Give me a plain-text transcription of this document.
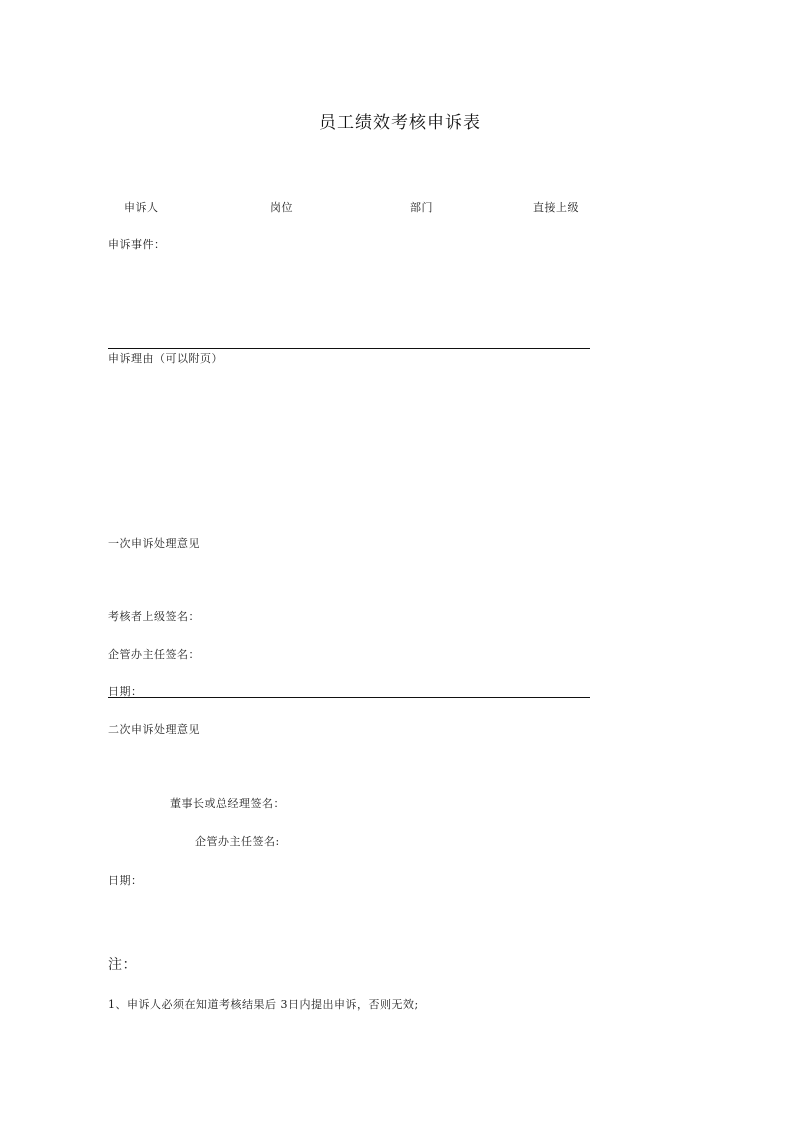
员工绩效考核申诉表
申诉人	岗位	部门	直接上级
申诉事件：
申诉理由（可以附页）
一次申诉处理意见
考核者上级签名：
企管办主任签名：
日期：
二次申诉处理意见
董事长或总经理签名：
企管办主任签名:
日期：
注：
1、申诉人必须在知道考核结果后 3日内提出申诉，否则无效;
